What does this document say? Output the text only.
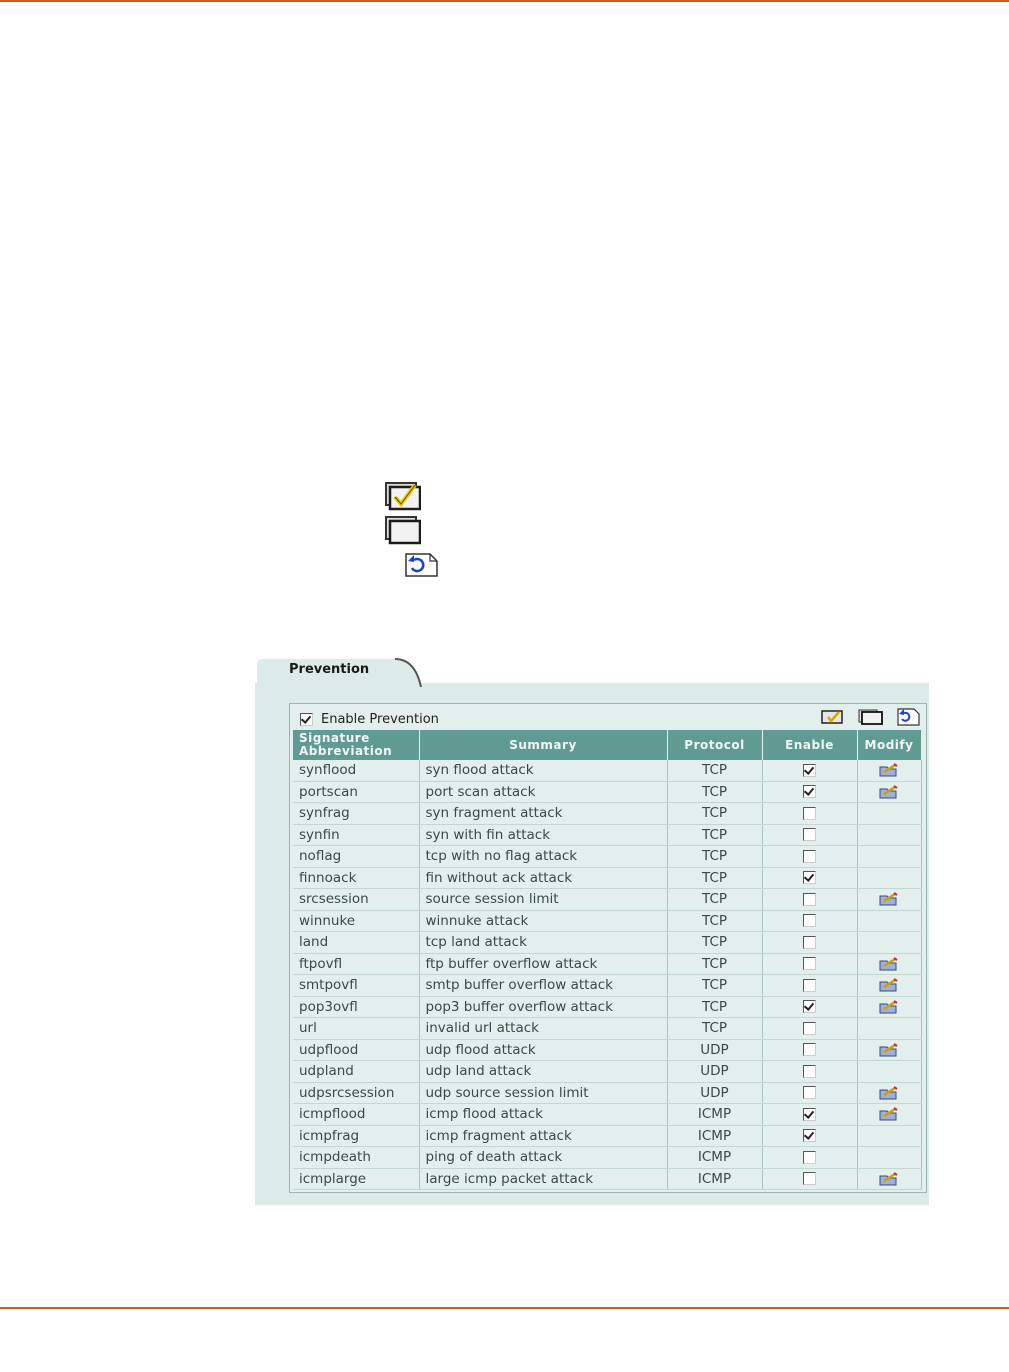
Prevention
Enable Prevention
Signature
Abbreviation	Summary	Protocol	Enable	Modify
synflood	syn flood attack	TCP		
portscan	port scan attack	TCP		
synfrag	syn fragment attack	TCP		
synfin	syn with fin attack	TCP		
noflag	tcp with no flag attack	TCP		
finnoack	fin without ack attack	TCP		
srcsession	source session limit	TCP		
winnuke	winnuke attack	TCP		
land	tcp land attack	TCP		
ftpovfl	ftp buffer overflow attack	TCP		
smtpovfl	smtp buffer overflow attack	TCP		
pop3ovfl	pop3 buffer overflow attack	TCP		
url	invalid url attack	TCP		
udpflood	udp flood attack	UDP		
udpland	udp land attack	UDP		
udpsrcsession	udp source session limit	UDP		
icmpflood	icmp flood attack	ICMP		
icmpfrag	icmp fragment attack	ICMP		
icmpdeath	ping of death attack	ICMP		
icmplarge	large icmp packet attack	ICMP		
